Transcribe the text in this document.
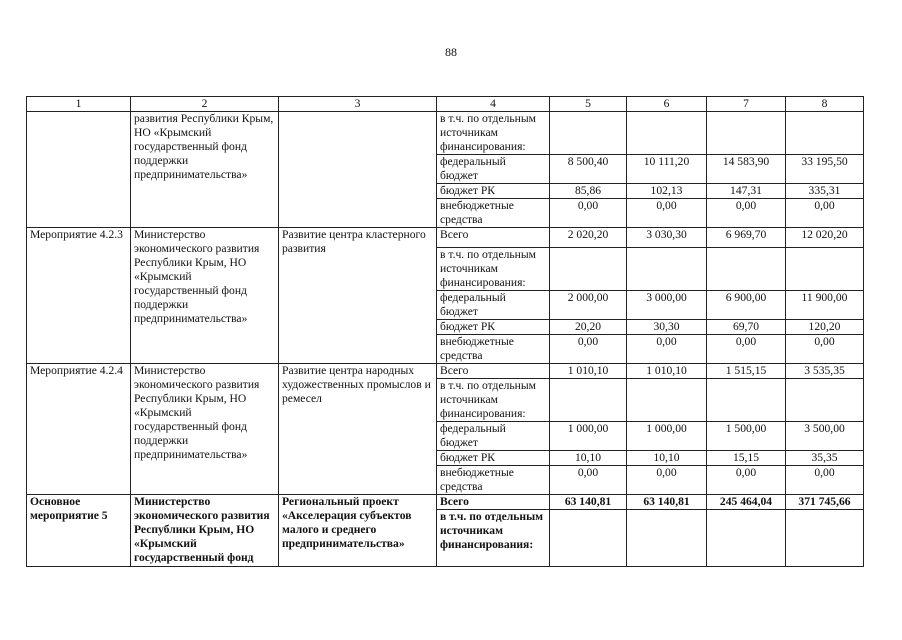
88
1	2	3	4	5	6	7	8
	развития Республики Крым, НО «Крымский государственный фонд поддержки предпринимательства»		в т.ч. по отдельным источникам финансирования:				
			федеральный бюджет	8 500,40	10 111,20	14 583,90	33 195,50
			бюджет РК	85,86	102,13	147,31	335,31
			внебюджетные средства	0,00	0,00	0,00	0,00
Мероприятие 4.2.3	Министерство экономического развития Республики Крым, НО «Крымский государственный фонд поддержки предпринимательства»	Развитие центра кластерного развития	Всего	2 020,20	3 030,30	6 969,70	12 020,20
			в т.ч. по отдельным источникам финансирования:				
			федеральный бюджет	2 000,00	3 000,00	6 900,00	11 900,00
			бюджет РК	20,20	30,30	69,70	120,20
			внебюджетные средства	0,00	0,00	0,00	0,00
Мероприятие 4.2.4	Министерство экономического развития Республики Крым, НО «Крымский государственный фонд поддержки предпринимательства»	Развитие центра народных художественных промыслов и ремесел	Всего	1 010,10	1 010,10	1 515,15	3 535,35
			в т.ч. по отдельным источникам финансирования:				
			федеральный бюджет	1 000,00	1 000,00	1 500,00	3 500,00
			бюджет РК	10,10	10,10	15,15	35,35
			внебюджетные средства	0,00	0,00	0,00	0,00
Основное мероприятие 5	Министерство экономического развития Республики Крым, НО «Крымский государственный фонд	Региональный проект «Акселерация субъектов малого и среднего предпринимательства»	Всего	63 140,81	63 140,81	245 464,04	371 745,66
			в т.ч. по отдельным источникам финансирования:				
